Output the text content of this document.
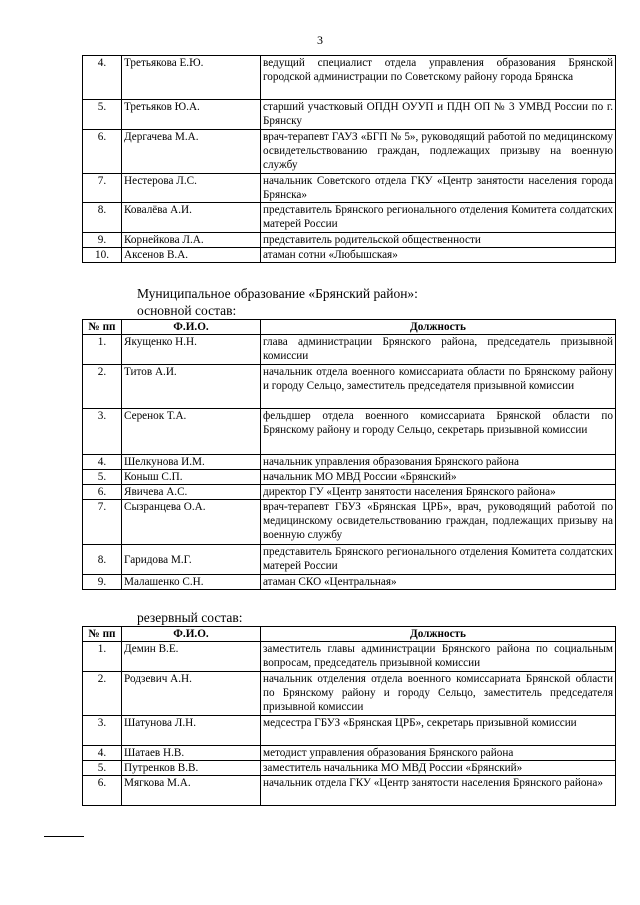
3
4.	Третьякова Е.Ю.	ведущий специалист отдела управления образования Брянской городской администрации по Советскому району города Брянска
5.	Третьяков Ю.А.	старший участковый ОПДН ОУУП и ПДН ОП № 3 УМВД России по г. Брянску
6.	Дергачева М.А.	врач-терапевт ГАУЗ «БГП № 5», руководящий работой по медицинскому освидетельствованию граждан, подлежащих призыву на военную службу
7.	Нестерова Л.С.	начальник Советского отдела ГКУ «Центр занятости населения города Брянска»
8.	Ковалёва А.И.	представитель Брянского регионального отделения Комитета солдатских матерей России
9.	Корнейкова Л.А.	представитель родительской общественности
10.	Аксенов В.А.	атаман сотни «Любышская»
Муниципальное образование «Брянский район»:
основной состав:
№ пп	Ф.И.О.	Должность
1.	Якущенко Н.Н.	глава администрации Брянского района, председатель призывной комиссии
2.	Титов А.И.	начальник отдела военного комиссариата области по Брянскому району и городу Сельцо, заместитель председателя призывной комиссии
3.	Серенок Т.А.	фельдшер отдела военного комиссариата Брянской области по Брянскому району и городу Сельцо, секретарь призывной комиссии
4.	Шелкунова И.М.	начальник управления образования Брянского района
5.	Коныш С.П.	начальник МО МВД России «Брянский»
6.	Явичева А.С.	директор ГУ «Центр занятости населения Брянского района»
7.	Сызранцева О.А.	врач-терапевт ГБУЗ «Брянская ЦРБ», врач, руководящий работой по медицинскому освидетельствованию граждан, подлежащих призыву на военную службу
8.	Гаридова М.Г.	представитель Брянского регионального отделения Комитета солдатских матерей России
9.	Малашенко С.Н.	атаман СКО «Центральная»
резервный состав:
№ пп	Ф.И.О.	Должность
1.	Демин В.Е.	заместитель главы администрации Брянского района по социальным вопросам, председатель призывной комиссии
2.	Родзевич А.Н.	начальник отделения отдела военного комиссариата Брянской области по Брянскому району и городу Сельцо, заместитель председателя призывной комиссии
3.	Шатунова Л.Н.	медсестра ГБУЗ «Брянская ЦРБ», секретарь призывной комиссии
4.	Шатаев Н.В.	методист управления образования Брянского района
5.	Путренков В.В.	заместитель начальника МО МВД России «Брянский»
6.	Мягкова М.А.	начальник отдела ГКУ «Центр занятости населения Брянского района»
